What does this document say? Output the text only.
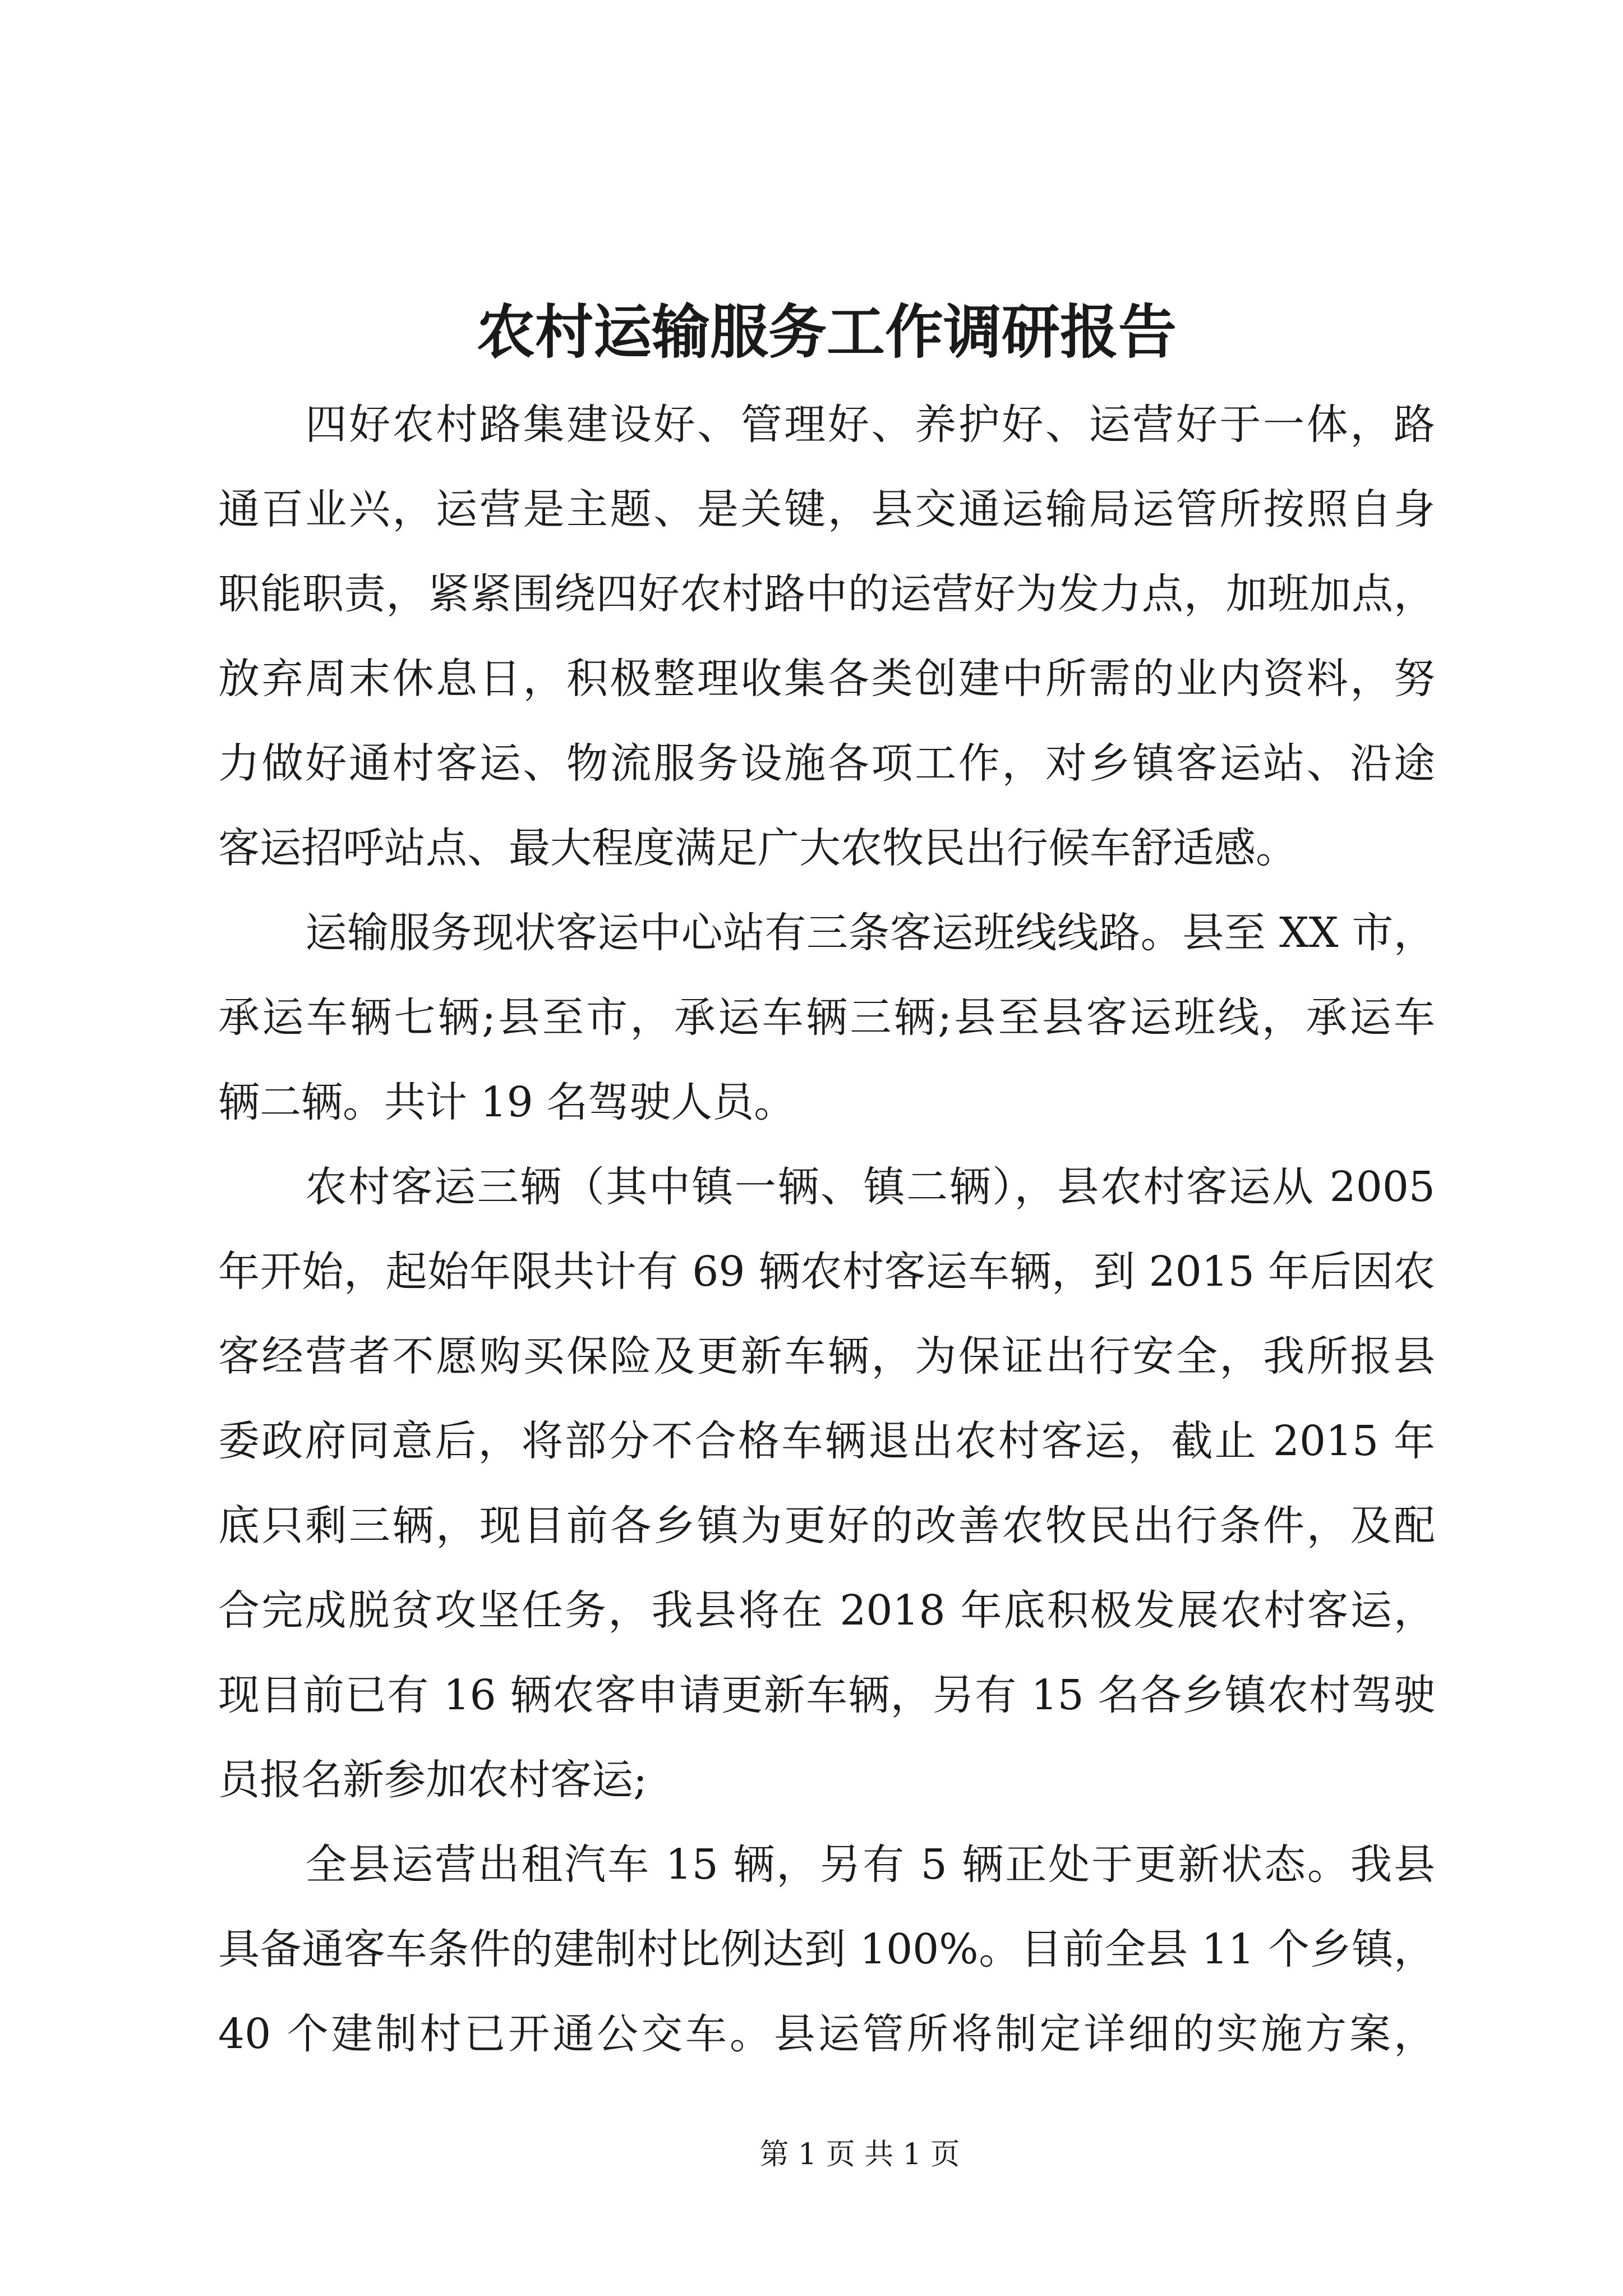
农村运输服务工作调研报告
四好农村路集建设好、管理好、养护好、运营好于一体，路
通百业兴，运营是主题、是关键，县交通运输局运管所按照自身
职能职责，紧紧围绕四好农村路中的运营好为发力点，加班加点，
放弃周末休息日，积极整理收集各类创建中所需的业内资料，努
力做好通村客运、物流服务设施各项工作，对乡镇客运站、沿途
客运招呼站点、最大程度满足广大农牧民出行候车舒适感。
运输服务现状客运中心站有三条客运班线线路。县至 XX 市，
承运车辆七辆;县至市，承运车辆三辆;县至县客运班线，承运车
辆二辆。共计 19 名驾驶人员。
农村客运三辆（其中镇一辆、镇二辆），县农村客运从 2005
年开始，起始年限共计有 69 辆农村客运车辆，到 2015 年后因农
客经营者不愿购买保险及更新车辆，为保证出行安全，我所报县
委政府同意后，将部分不合格车辆退出农村客运，截止 2015 年
底只剩三辆，现目前各乡镇为更好的改善农牧民出行条件，及配
合完成脱贫攻坚任务，我县将在 2018 年底积极发展农村客运，
现目前已有 16 辆农客申请更新车辆，另有 15 名各乡镇农村驾驶
员报名新参加农村客运;
全县运营出租汽车 15 辆，另有 5 辆正处于更新状态。我县
具备通客车条件的建制村比例达到 100%。目前全县 11 个乡镇，
40 个建制村已开通公交车。县运管所将制定详细的实施方案，
第 1 页 共 1 页
